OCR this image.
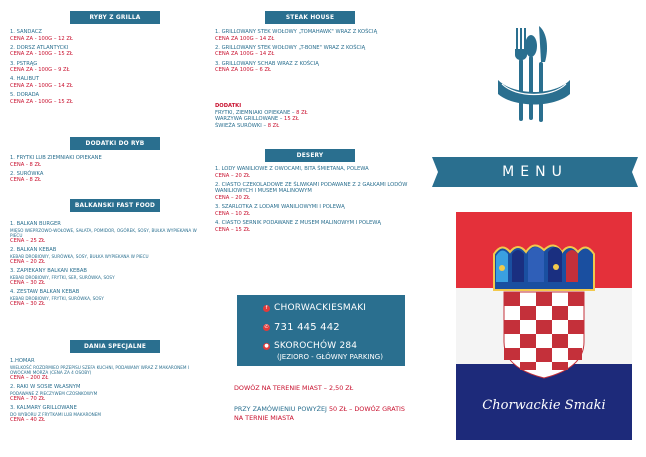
RYBY Z GRILLA
1. SANDACZ
CENA ZA - 100G – 12 ZŁ
2. DORSZ ATLANTYCKI
CENA ZA - 100G – 15 ZŁ
3. PSTRĄG
CENA ZA - 100G – 9 ZŁ
4. HALIBUT
CENA ZA - 100G – 14 ZŁ
5. DORADA
CENA ZA - 100G – 15 ZŁ
DODATKI DO RYB
1. FRYTKI LUB ZIEMNIAKI OPIEKANE
CENA - 8 ZŁ
2. SURÓWKA
CENA - 8 ZŁ
BALKANSKI FAST FOOD
1. BALKAN BURGER
MIĘSO WIEPRZOWO-WOŁOWE, SAŁATA, POMIDOR, OGÓREK, SOSY, BUŁKA WYPIEKANA W PIECU
CENA – 25 ZŁ
2. BALKAN KEBAB
KEBAB DROBIOWY, SURÓWKA, SOSY, BUŁKA WYPIEKANA W PIECU
CENA – 20 ZŁ
3. ZAPIEKANY BALKAN KEBAB
KEBAB DROBIOWY, FRYTKI, SER, SURÓWKA, SOSY
CENA – 30 ZŁ
4. ZESTAW BALKAN KEBAB
KEBAB DROBIOWY, FRYTKI, SURÓWKA, SOSY
CENA – 30 ZŁ
DANIA SPECJALNE
1.HOMAR
WIELKOŚĆ ROZDRMIEO PRZEPISU SZEFA KUCHNI, PODAWANY WRAZ Z MAKARONEM I OWOCAMI MORZA (CENA ZA 4 OSOBY)
CENA – 200 ZŁ
2. RAKI W SOSIE WŁASNYM
PODAWANE Z PIECZYWEM CZOSNKOWYM
CENA – 70 ZŁ
3. KALMARY GRILLOWANE
DO WYBORU Z FRYTKAMI LUB MAKARONEM
CENA – 40 ZŁ
STEAK HOUSE
1. GRILLOWANY STEK WOŁOWY „TOMAHAWK" WRAZ Z KOŚCIĄ
CENA ZA 100G – 14 ZŁ
2. GRILLOWANY STEK WOŁOWY „T-BONE" WRAZ Z KOŚCIĄ
CENA ZA 100G – 14 ZŁ
3. GRILLOWANY SCHAB WRAZ Z KOŚCIĄ
CENA ZA 100G – 6 ZŁ
DODATKI
FRYTKI, ZIEMNIAKI OPIEKANE – 8 ZŁ
WARZYWA GRILLOWANE – 15 ZŁ
ŚWIEŻA SURÓWKI – 8 ZŁ
DESERY
1. LODY WANILIOWE Z OWOCAMI, BITA ŚMIETANA, POLEWA
CENA – 20 ZŁ
2. CIASTO CZEKOLADOWE ZE ŚLIWKAMI PODAWANE Z 2 GAŁKAMI LODÓW WANILIOWYCH I MUSEM MALINOWYM
CENA – 20 ZŁ
3. SZARLOTKA Z LODAMI WANILIOWYMI I POLEWĄ
CENA – 10 ZŁ
4. CIASTO SERNIK PODAWANE Z MUSEM MALINOWYM I POLEWĄ
CENA – 15 ZŁ
f CHORWACKIESMAKI
✆ 731 445 442
● SKOROCHÓW 284
(JEZIORO - GŁÓWNY PARKING)
DOWÓZ NA TERENIE MIAST – 2,50 ZŁ
PRZY ZAMÓWIENIU POWYŻEJ 50 ZŁ – DOWÓZ GRATIS
NA TERNIE MIASTA
MENU
Chorwackie Smaki
